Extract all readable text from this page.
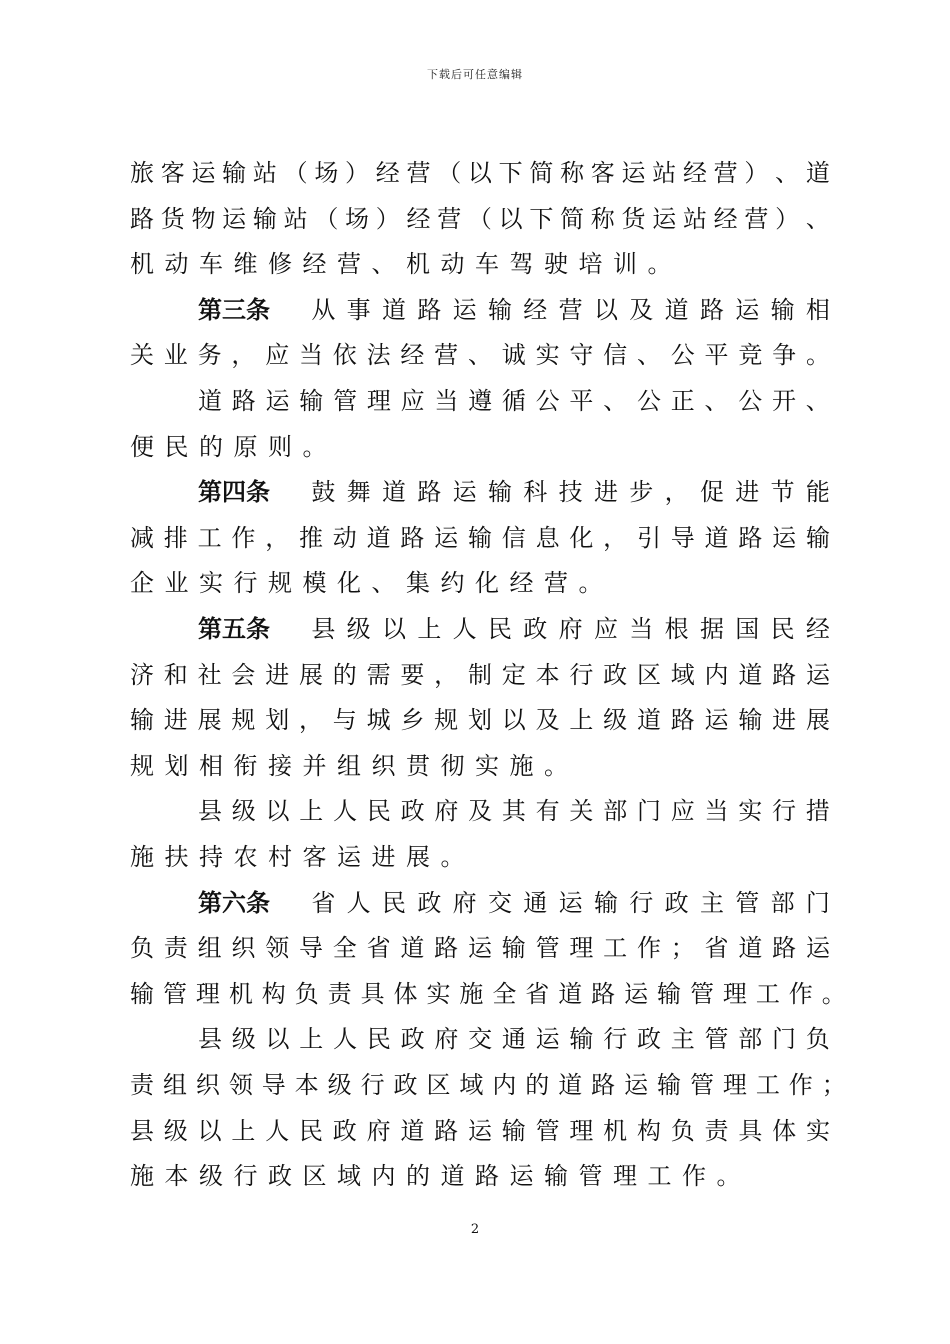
下载后可任意编辑
旅 客 运 输 站 （ 场 ） 经 营 （ 以 下 简 称 客 运 站 经 营 ） 、 道
路 货 物 运 输 站 （ 场 ） 经 营 （ 以 下 简 称 货 运 站 经 营 ） 、
机 动 车 维 修 经 营 、 机 动 车 驾 驶 培 训 。
第三条 从 事 道 路 运 输 经 营 以 及 道 路 运 输 相
关 业 务 ， 应 当 依 法 经 营 、 诚 实 守 信 、 公 平 竞 争 。
道 路 运 输 管 理 应 当 遵 循 公 平 、 公 正 、 公 开 、
便 民 的 原 则 。
第四条 鼓 舞 道 路 运 输 科 技 进 步 ， 促 进 节 能
减 排 工 作 ， 推 动 道 路 运 输 信 息 化 ， 引 导 道 路 运 输
企 业 实 行 规 模 化 、 集 约 化 经 营 。
第五条 县 级 以 上 人 民 政 府 应 当 根 据 国 民 经
济 和 社 会 进 展 的 需 要 ， 制 定 本 行 政 区 域 内 道 路 运
输 进 展 规 划 ， 与 城 乡 规 划 以 及 上 级 道 路 运 输 进 展
规 划 相 衔 接 并 组 织 贯 彻 实 施 。
县 级 以 上 人 民 政 府 及 其 有 关 部 门 应 当 实 行 措
施 扶 持 农 村 客 运 进 展 。
第六条 省 人 民 政 府 交 通 运 输 行 政 主 管 部 门
负 责 组 织 领 导 全 省 道 路 运 输 管 理 工 作 ； 省 道 路 运
输 管 理 机 构 负 责 具 体 实 施 全 省 道 路 运 输 管 理 工 作 。
县 级 以 上 人 民 政 府 交 通 运 输 行 政 主 管 部 门 负
责 组 织 领 导 本 级 行 政 区 域 内 的 道 路 运 输 管 理 工 作 ；
县 级 以 上 人 民 政 府 道 路 运 输 管 理 机 构 负 责 具 体 实
施 本 级 行 政 区 域 内 的 道 路 运 输 管 理 工 作 。
2
